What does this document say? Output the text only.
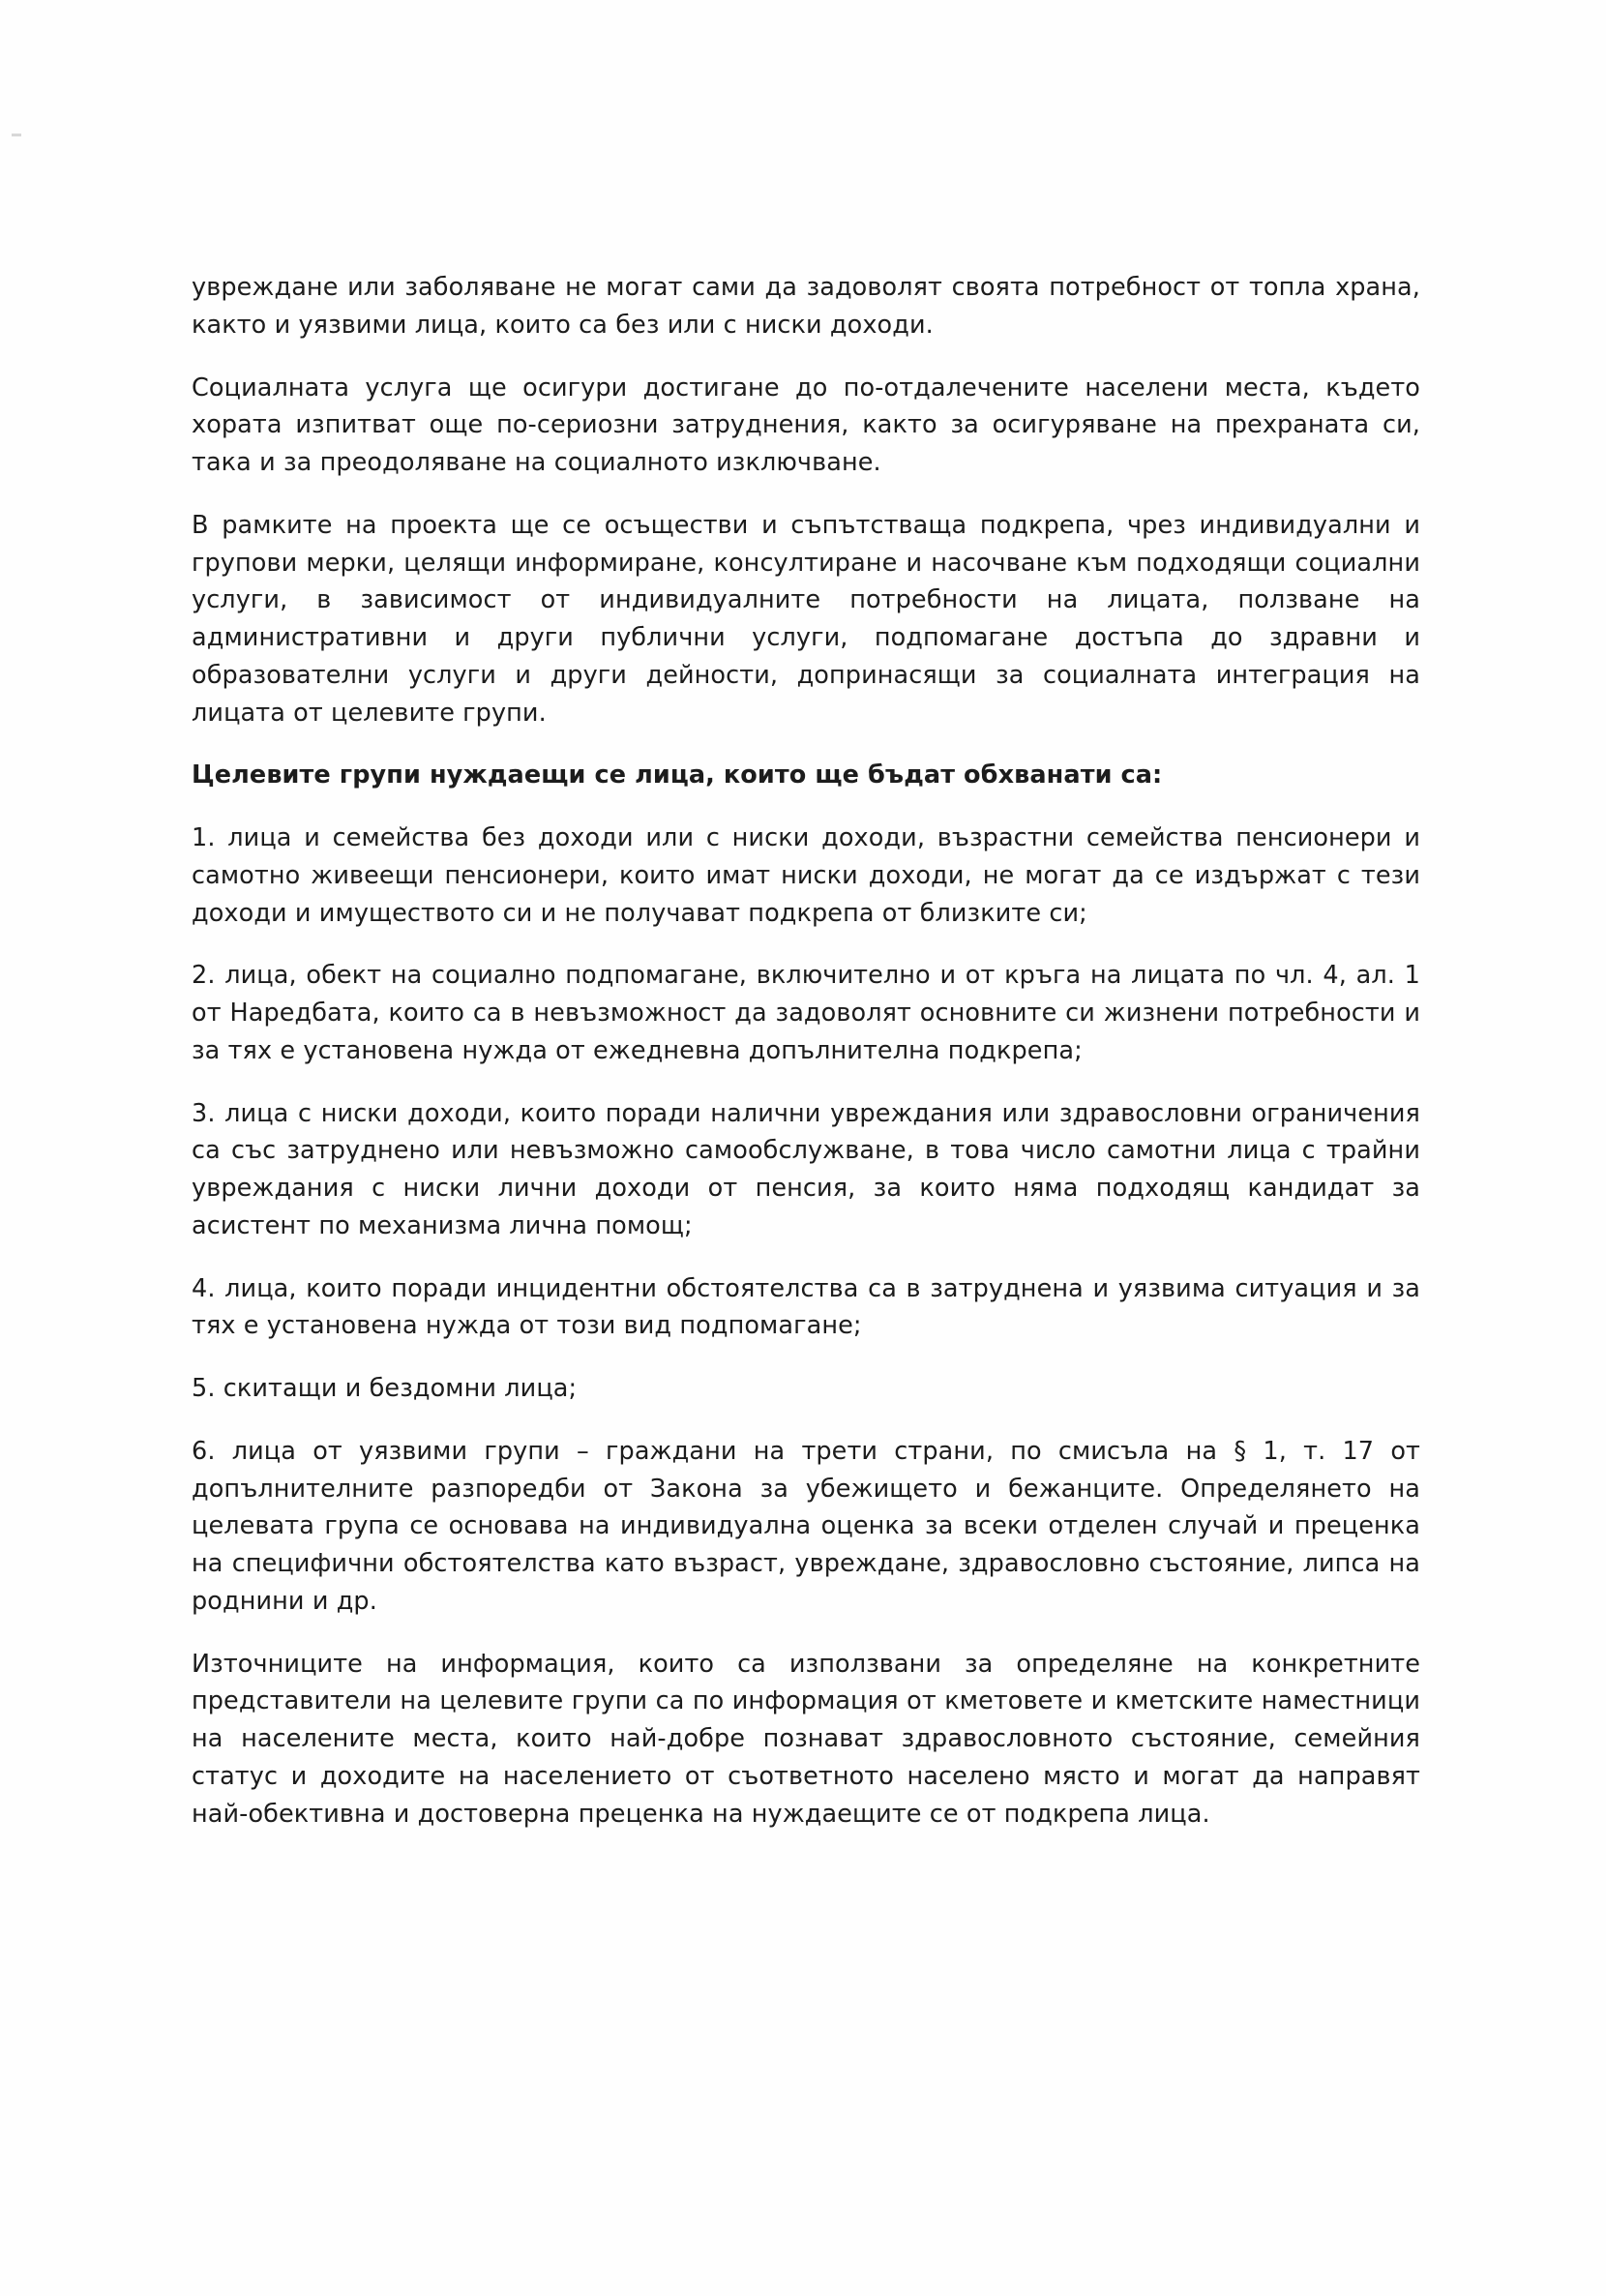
увреждане или заболяване не могат сами да задоволят своята потребност от топла храна, както и уязвими лица, които са без или с ниски доходи.

Социалната услуга ще осигури достигане до по-отдалечените населени места, където хората изпитват още по-сериозни затруднения, както за осигуряване на прехраната си, така и за преодоляване на социалното изключване.

В рамките на проекта ще се осъществи и съпътстваща подкрепа, чрез индивидуални и групови мерки, целящи информиране, консултиране и насочване към подходящи социални услуги, в зависимост от индивидуалните потребности на лицата, ползване на административни и други публични услуги, подпомагане достъпа до здравни и образователни услуги и други дейности, допринасящи за социалната интеграция на лицата от целевите групи.

Целевите групи нуждаещи се лица, които ще бъдат обхванати са:

1. лица и семейства без доходи или с ниски доходи, възрастни семейства пенсионери и самотно живеещи пенсионери, които имат ниски доходи, не могат да се издържат с тези доходи и имуществото си и не получават подкрепа от близките си;

2. лица, обект на социално подпомагане, включително и от кръга на лицата по чл. 4, ал. 1 от Наредбата, които са в невъзможност да задоволят основните си жизнени потребности и за тях е установена нужда от ежедневна допълнителна подкрепа;

3. лица с ниски доходи, които поради налични увреждания или здравословни ограничения са със затруднено или невъзможно самообслужване, в това число самотни лица с трайни увреждания с ниски лични доходи от пенсия, за които няма подходящ кандидат за асистент по механизма лична помощ;

4. лица, които поради инцидентни обстоятелства са в затруднена и уязвима ситуация и за тях е установена нужда от този вид подпомагане;

5. скитащи и бездомни лица;

6. лица от уязвими групи – граждани на трети страни, по смисъла на § 1, т. 17 от допълнителните разпоредби от Закона за убежището и бежанците. Определянето на целевата група се основава на индивидуална оценка за всеки отделен случай и преценка на специфични обстоятелства като възраст, увреждане, здравословно състояние, липса на роднини и др.

Източниците на информация, които са използвани за определяне на конкретните представители на целевите групи са по информация от кметовете и кметските наместници на населените места, които най-добре познават здравословното състояние, семейния статус и доходите на населението от съответното населено място и могат да направят най-обективна и достоверна преценка на нуждаещите се от подкрепа лица.
